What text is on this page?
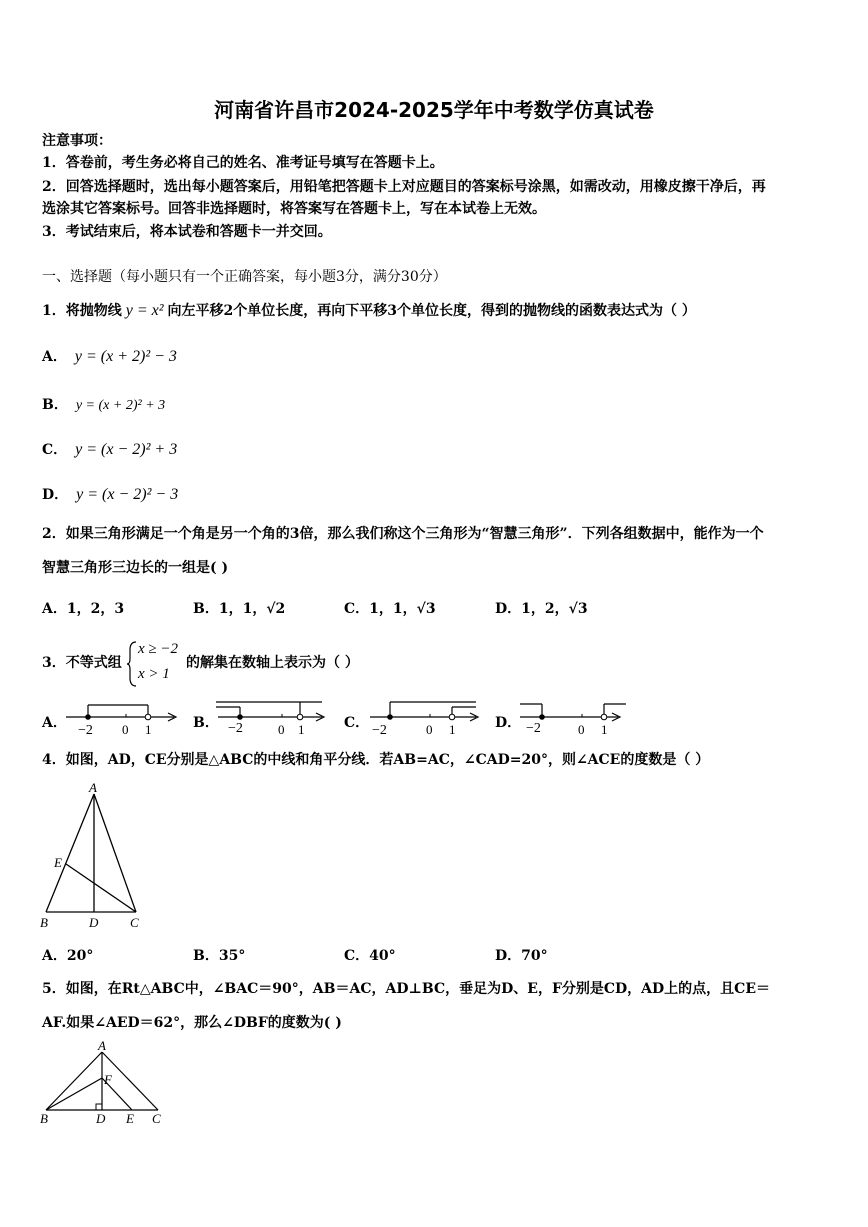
河南省许昌市2024-2025学年中考数学仿真试卷
注意事项：
1．答卷前，考生务必将自己的姓名、准考证号填写在答题卡上。
2．回答选择题时，选出每小题答案后，用铅笔把答题卡上对应题目的答案标号涂黑，如需改动，用橡皮擦干净后，再
选涂其它答案标号。回答非选择题时，将答案写在答题卡上，写在本试卷上无效。
3．考试结束后，将本试卷和答题卡一并交回。
一、选择题（每小题只有一个正确答案，每小题3分，满分30分）
1．将抛物线 y = x² 向左平移2个单位长度，再向下平移3个单位长度，得到的抛物线的函数表达式为（ ）
A． y = (x + 2)² − 3
B． y = (x + 2)² + 3
C． y = (x − 2)² + 3
D． y = (x − 2)² − 3
2．如果三角形满足一个角是另一个角的3倍，那么我们称这个三角形为“智慧三角形”．下列各组数据中，能作为一个
智慧三角形三边长的一组是( )
A．1，2，3	B．1，1，√2	C．1，1，√3	D．1，2，√3
3．不等式组
x ≥ −2
x > 1
的解集在数轴上表示为（ ）
A．	B．	C．	D．
−2 0 1	−2	0 1	−2	0 1	−2	0 1
4．如图，AD，CE分别是△ABC的中线和角平分线．若AB=AC，∠CAD=20°，则∠ACE的度数是（ ）
A
E
B	D C
A．20°	B．35°	C．40°	D．70°
5．如图，在Rt△ABC中，∠BAC＝90°，AB＝AC，AD⊥BC，垂足为D、E，F分别是CD，AD上的点，且CE＝
AF.如果∠AED＝62°，那么∠DBF的度数为( )
A
F
B	D E C
